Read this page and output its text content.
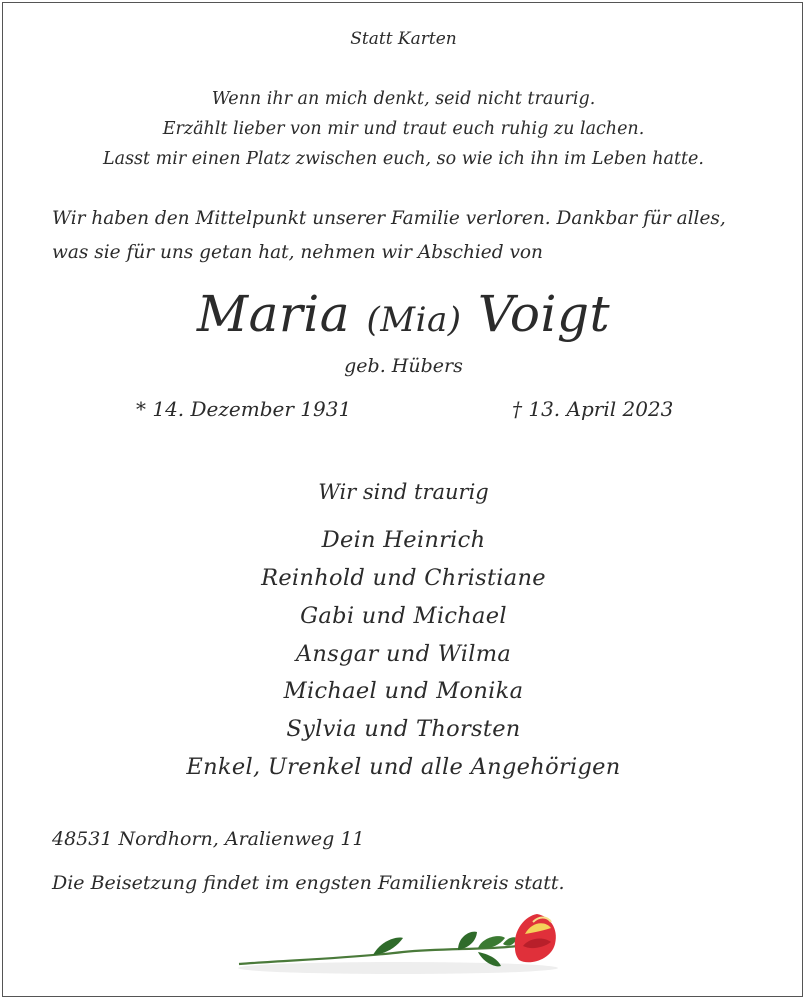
Statt Karten

Wenn ihr an mich denkt, seid nicht traurig.

Erzählt lieber von mir und traut euch ruhig zu lachen.

Lasst mir einen Platz zwischen euch, so wie ich ihn im Leben hatte.

Wir haben den Mittelpunkt unserer Familie verloren. Dankbar für alles,

was sie für uns getan hat, nehmen wir Abschied von

Maria (Mia) Voigt

geb. Hübers

* 14. Dezember 1931	† 13. April 2023

Wir sind traurig

Dein Heinrich

Reinhold und Christiane

Gabi und Michael

Ansgar und Wilma

Michael und Monika

Sylvia und Thorsten

Enkel, Urenkel und alle Angehörigen

48531 Nordhorn, Aralienweg 11

Die Beisetzung findet im engsten Familienkreis statt.
